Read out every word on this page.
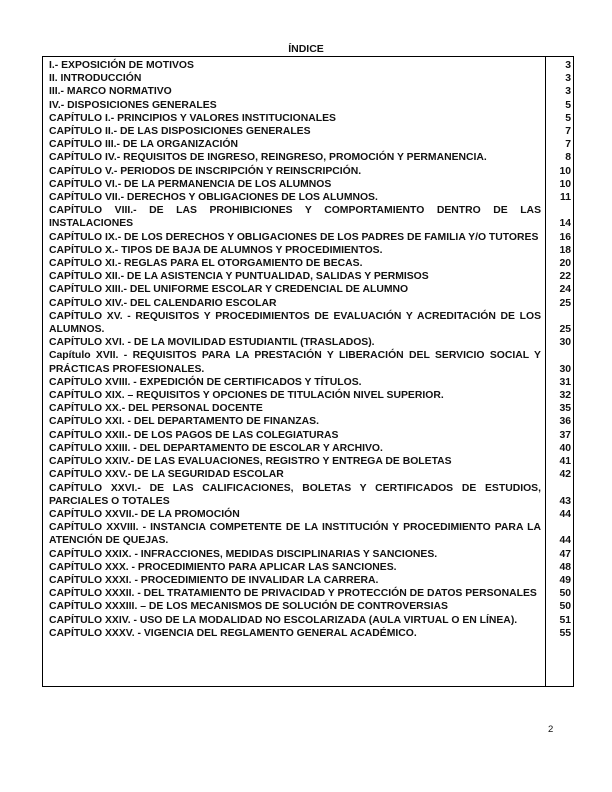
ÍNDICE
I.- EXPOSICIÓN DE MOTIVOS	3
II. INTRODUCCIÓN	3
III.- MARCO NORMATIVO	3
IV.- DISPOSICIONES GENERALES	5
CAPÍTULO I.- PRINCIPIOS Y VALORES INSTITUCIONALES	5
CAPÍTULO II.- DE LAS DISPOSICIONES GENERALES	7
CAPÍTULO III.- DE LA ORGANIZACIÓN	7
CAPÍTULO IV.- REQUISITOS DE INGRESO, REINGRESO, PROMOCIÓN Y PERMANENCIA.	8
CAPÍTULO V.- PERIODOS DE INSCRIPCIÓN Y REINSCRIPCIÓN.	10
CAPÍTULO VI.- DE LA PERMANENCIA DE LOS ALUMNOS	10
CAPÍTULO VII.- DERECHOS Y OBLIGACIONES DE LOS ALUMNOS.	11
CAPÍTULO VIII.- DE LAS PROHIBICIONES Y COMPORTAMIENTO DENTRO DE LAS INSTALACIONES	14
CAPÍTULO IX.- DE LOS DERECHOS Y OBLIGACIONES DE LOS PADRES DE FAMILIA Y/O TUTORES	16
CAPÍTULO X.- TIPOS DE BAJA DE ALUMNOS Y PROCEDIMIENTOS.	18
CAPÍTULO XI.- REGLAS PARA EL OTORGAMIENTO DE BECAS.	20
CAPÍTULO XII.- DE LA ASISTENCIA Y PUNTUALIDAD, SALIDAS Y PERMISOS	22
CAPÍTULO XIII.- DEL UNIFORME ESCOLAR Y CREDENCIAL DE ALUMNO	24
CAPÍTULO XIV.- DEL CALENDARIO ESCOLAR	25
CAPÍTULO XV. - REQUISITOS Y PROCEDIMIENTOS DE EVALUACIÓN Y ACREDITACIÓN DE LOS ALUMNOS.	25
CAPÍTULO XVI. - DE LA MOVILIDAD ESTUDIANTIL (TRASLADOS).	30
Capítulo XVII. - REQUISITOS PARA LA PRESTACIÓN Y LIBERACIÓN DEL SERVICIO SOCIAL Y PRÁCTICAS PROFESIONALES.	30
CAPÍTULO XVIII. - EXPEDICIÓN DE CERTIFICADOS Y TÍTULOS.	31
CAPÍTULO XIX. – REQUISITOS Y OPCIONES DE TITULACIÓN NIVEL SUPERIOR.	32
CAPÍTULO XX.- DEL PERSONAL DOCENTE	35
CAPÍTULO XXI. - DEL DEPARTAMENTO DE FINANZAS.	36
CAPÍTULO XXII.- DE LOS PAGOS DE LAS COLEGIATURAS	37
CAPÍTULO XXIII. - DEL DEPARTAMENTO DE ESCOLAR Y ARCHIVO.	40
CAPÍTULO XXIV.- DE LAS EVALUACIONES, REGISTRO Y ENTREGA DE BOLETAS	41
CAPÍTULO XXV.- DE LA SEGURIDAD ESCOLAR	42
CAPÍTULO XXVI.- DE LAS CALIFICACIONES, BOLETAS Y CERTIFICADOS DE ESTUDIOS, PARCIALES O TOTALES	43
CAPÍTULO XXVII.- DE LA PROMOCIÓN	44
CAPÍTULO XXVIII. - INSTANCIA COMPETENTE DE LA INSTITUCIÓN Y PROCEDIMIENTO PARA LA ATENCIÓN DE QUEJAS.	44
CAPÍTULO XXIX. - INFRACCIONES, MEDIDAS DISCIPLINARIAS Y SANCIONES.	47
CAPÍTULO XXX. - PROCEDIMIENTO PARA APLICAR LAS SANCIONES.	48
CAPÍTULO XXXI. - PROCEDIMIENTO DE INVALIDAR LA CARRERA.	49
CAPÍTULO XXXII. - DEL TRATAMIENTO DE PRIVACIDAD Y PROTECCIÓN DE DATOS PERSONALES	50
CAPÍTULO XXXIII. – DE LOS MECANISMOS DE SOLUCIÓN DE CONTROVERSIAS	50
CAPÍTULO XXIV. - USO DE LA MODALIDAD NO ESCOLARIZADA (AULA VIRTUAL O EN LÍNEA).	51
CAPÍTULO XXXV. - VIGENCIA DEL REGLAMENTO GENERAL ACADÉMICO.	55
2
